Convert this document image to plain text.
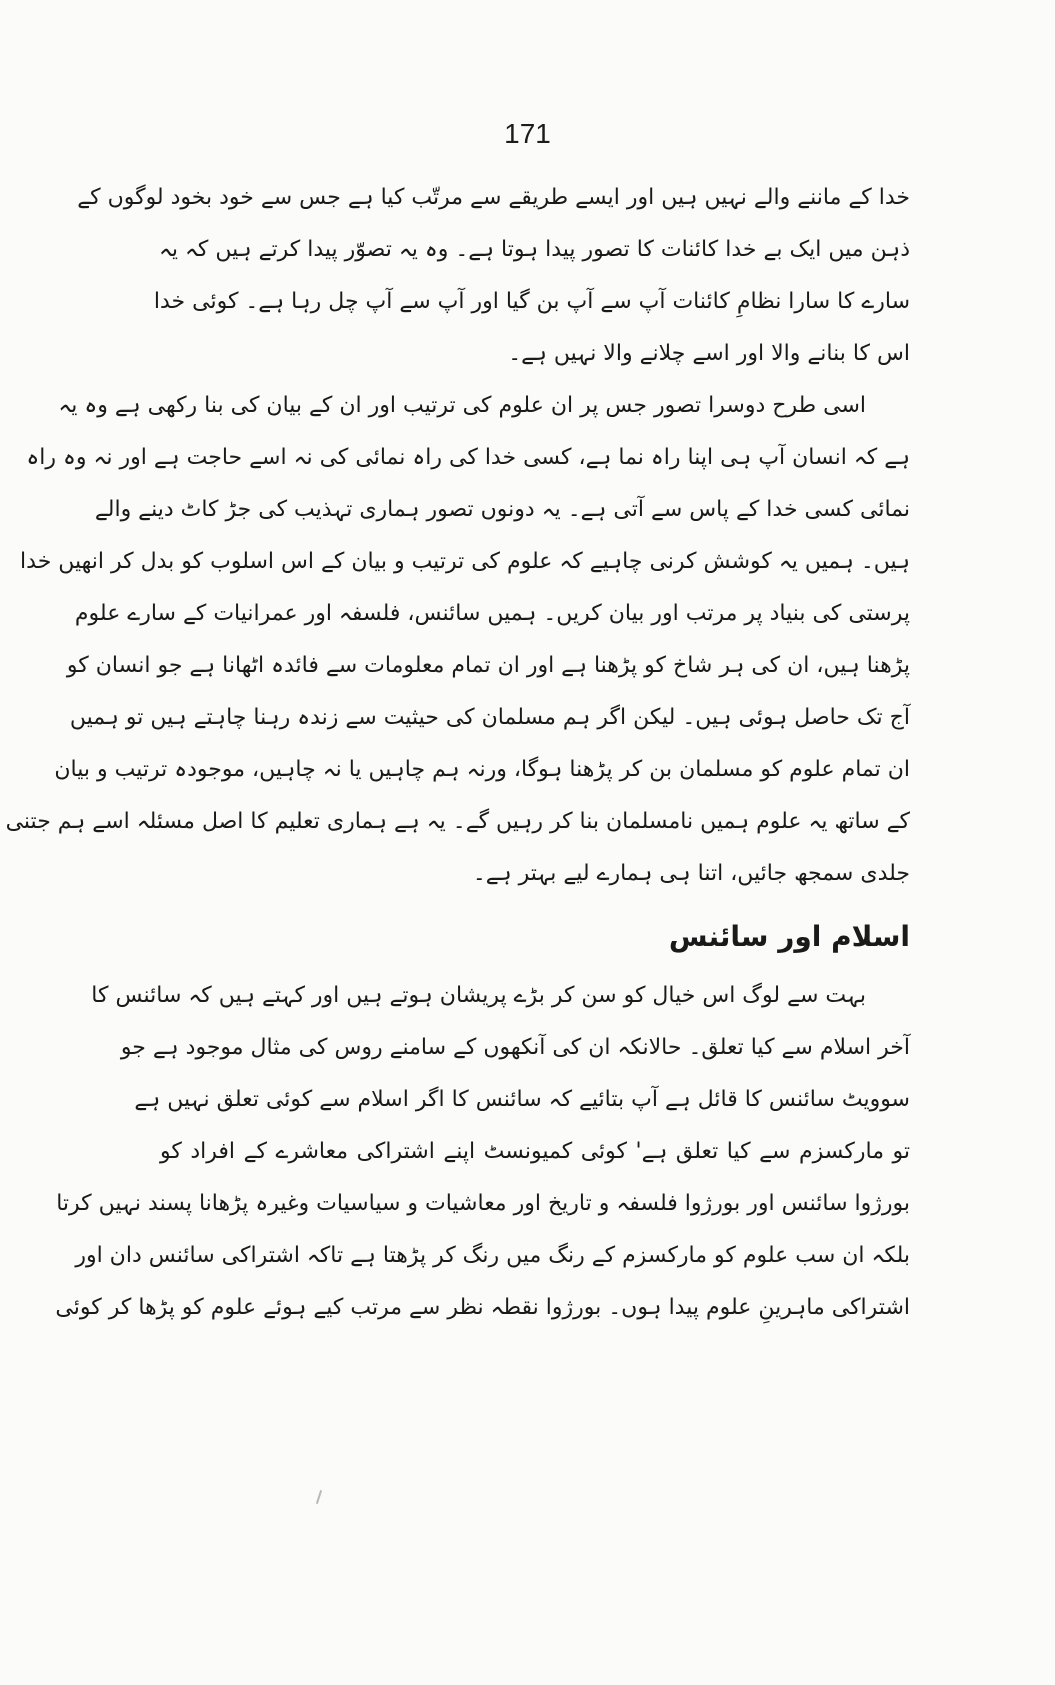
171
خدا کے ماننے والے نہیں ہیں اور ایسے طریقے سے مرتّب کیا ہے جس سے خود بخود لوگوں کے
ذہن میں ایک بے خدا کائنات کا تصور پیدا ہوتا ہے۔ وہ یہ تصوّر پیدا کرتے ہیں کہ یہ
سارے کا سارا نظامِ کائنات آپ سے آپ بن گیا اور آپ سے آپ چل رہا ہے۔ کوئی خدا
اس کا بنانے والا اور اسے چلانے والا نہیں ہے۔
اسی طرح دوسرا تصور جس پر ان علوم کی ترتیب اور ان کے بیان کی بنا رکھی ہے وہ یہ
ہے کہ انسان آپ ہی اپنا راہ نما ہے، کسی خدا کی راہ نمائی کی نہ اسے حاجت ہے اور نہ وہ راہ
نمائی کسی خدا کے پاس سے آتی ہے۔ یہ دونوں تصور ہماری تہذیب کی جڑ کاٹ دینے والے
ہیں۔ ہمیں یہ کوشش کرنی چاہیے کہ علوم کی ترتیب و بیان کے اس اسلوب کو بدل کر انھیں خدا
پرستی کی بنیاد پر مرتب اور بیان کریں۔ ہمیں سائنس، فلسفہ اور عمرانیات کے سارے علوم
پڑھنا ہیں، ان کی ہر شاخ کو پڑھنا ہے اور ان تمام معلومات سے فائدہ اٹھانا ہے جو انسان کو
آج تک حاصل ہوئی ہیں۔ لیکن اگر ہم مسلمان کی حیثیت سے زندہ رہنا چاہتے ہیں تو ہمیں
ان تمام علوم کو مسلمان بن کر پڑھنا ہوگا، ورنہ ہم چاہیں یا نہ چاہیں، موجودہ ترتیب و بیان
کے ساتھ یہ علوم ہمیں نامسلمان بنا کر رہیں گے۔ یہ ہے ہماری تعلیم کا اصل مسئلہ اسے ہم جتنی
جلدی سمجھ جائیں، اتنا ہی ہمارے لیے بہتر ہے۔
اسلام اور سائنس
بہت سے لوگ اس خیال کو سن کر بڑے پریشان ہوتے ہیں اور کہتے ہیں کہ سائنس کا
آخر اسلام سے کیا تعلق۔ حالانکہ ان کی آنکھوں کے سامنے روس کی مثال موجود ہے جو
سوویٹ سائنس کا قائل ہے آپ بتائیے کہ سائنس کا اگر اسلام سے کوئی تعلق نہیں ہے
تو مارکسزم سے کیا تعلق ہے' کوئی کمیونسٹ اپنے اشتراکی معاشرے کے افراد کو
بورژوا سائنس اور بورژوا فلسفہ و تاریخ اور معاشیات و سیاسیات وغیرہ پڑھانا پسند نہیں کرتا
بلکہ ان سب علوم کو مارکسزم کے رنگ میں رنگ کر پڑھتا ہے تاکہ اشتراکی سائنس دان اور
اشتراکی ماہرینِ علوم پیدا ہوں۔ بورژوا نقطہ نظر سے مرتب کیے ہوئے علوم کو پڑھا کر کوئی
